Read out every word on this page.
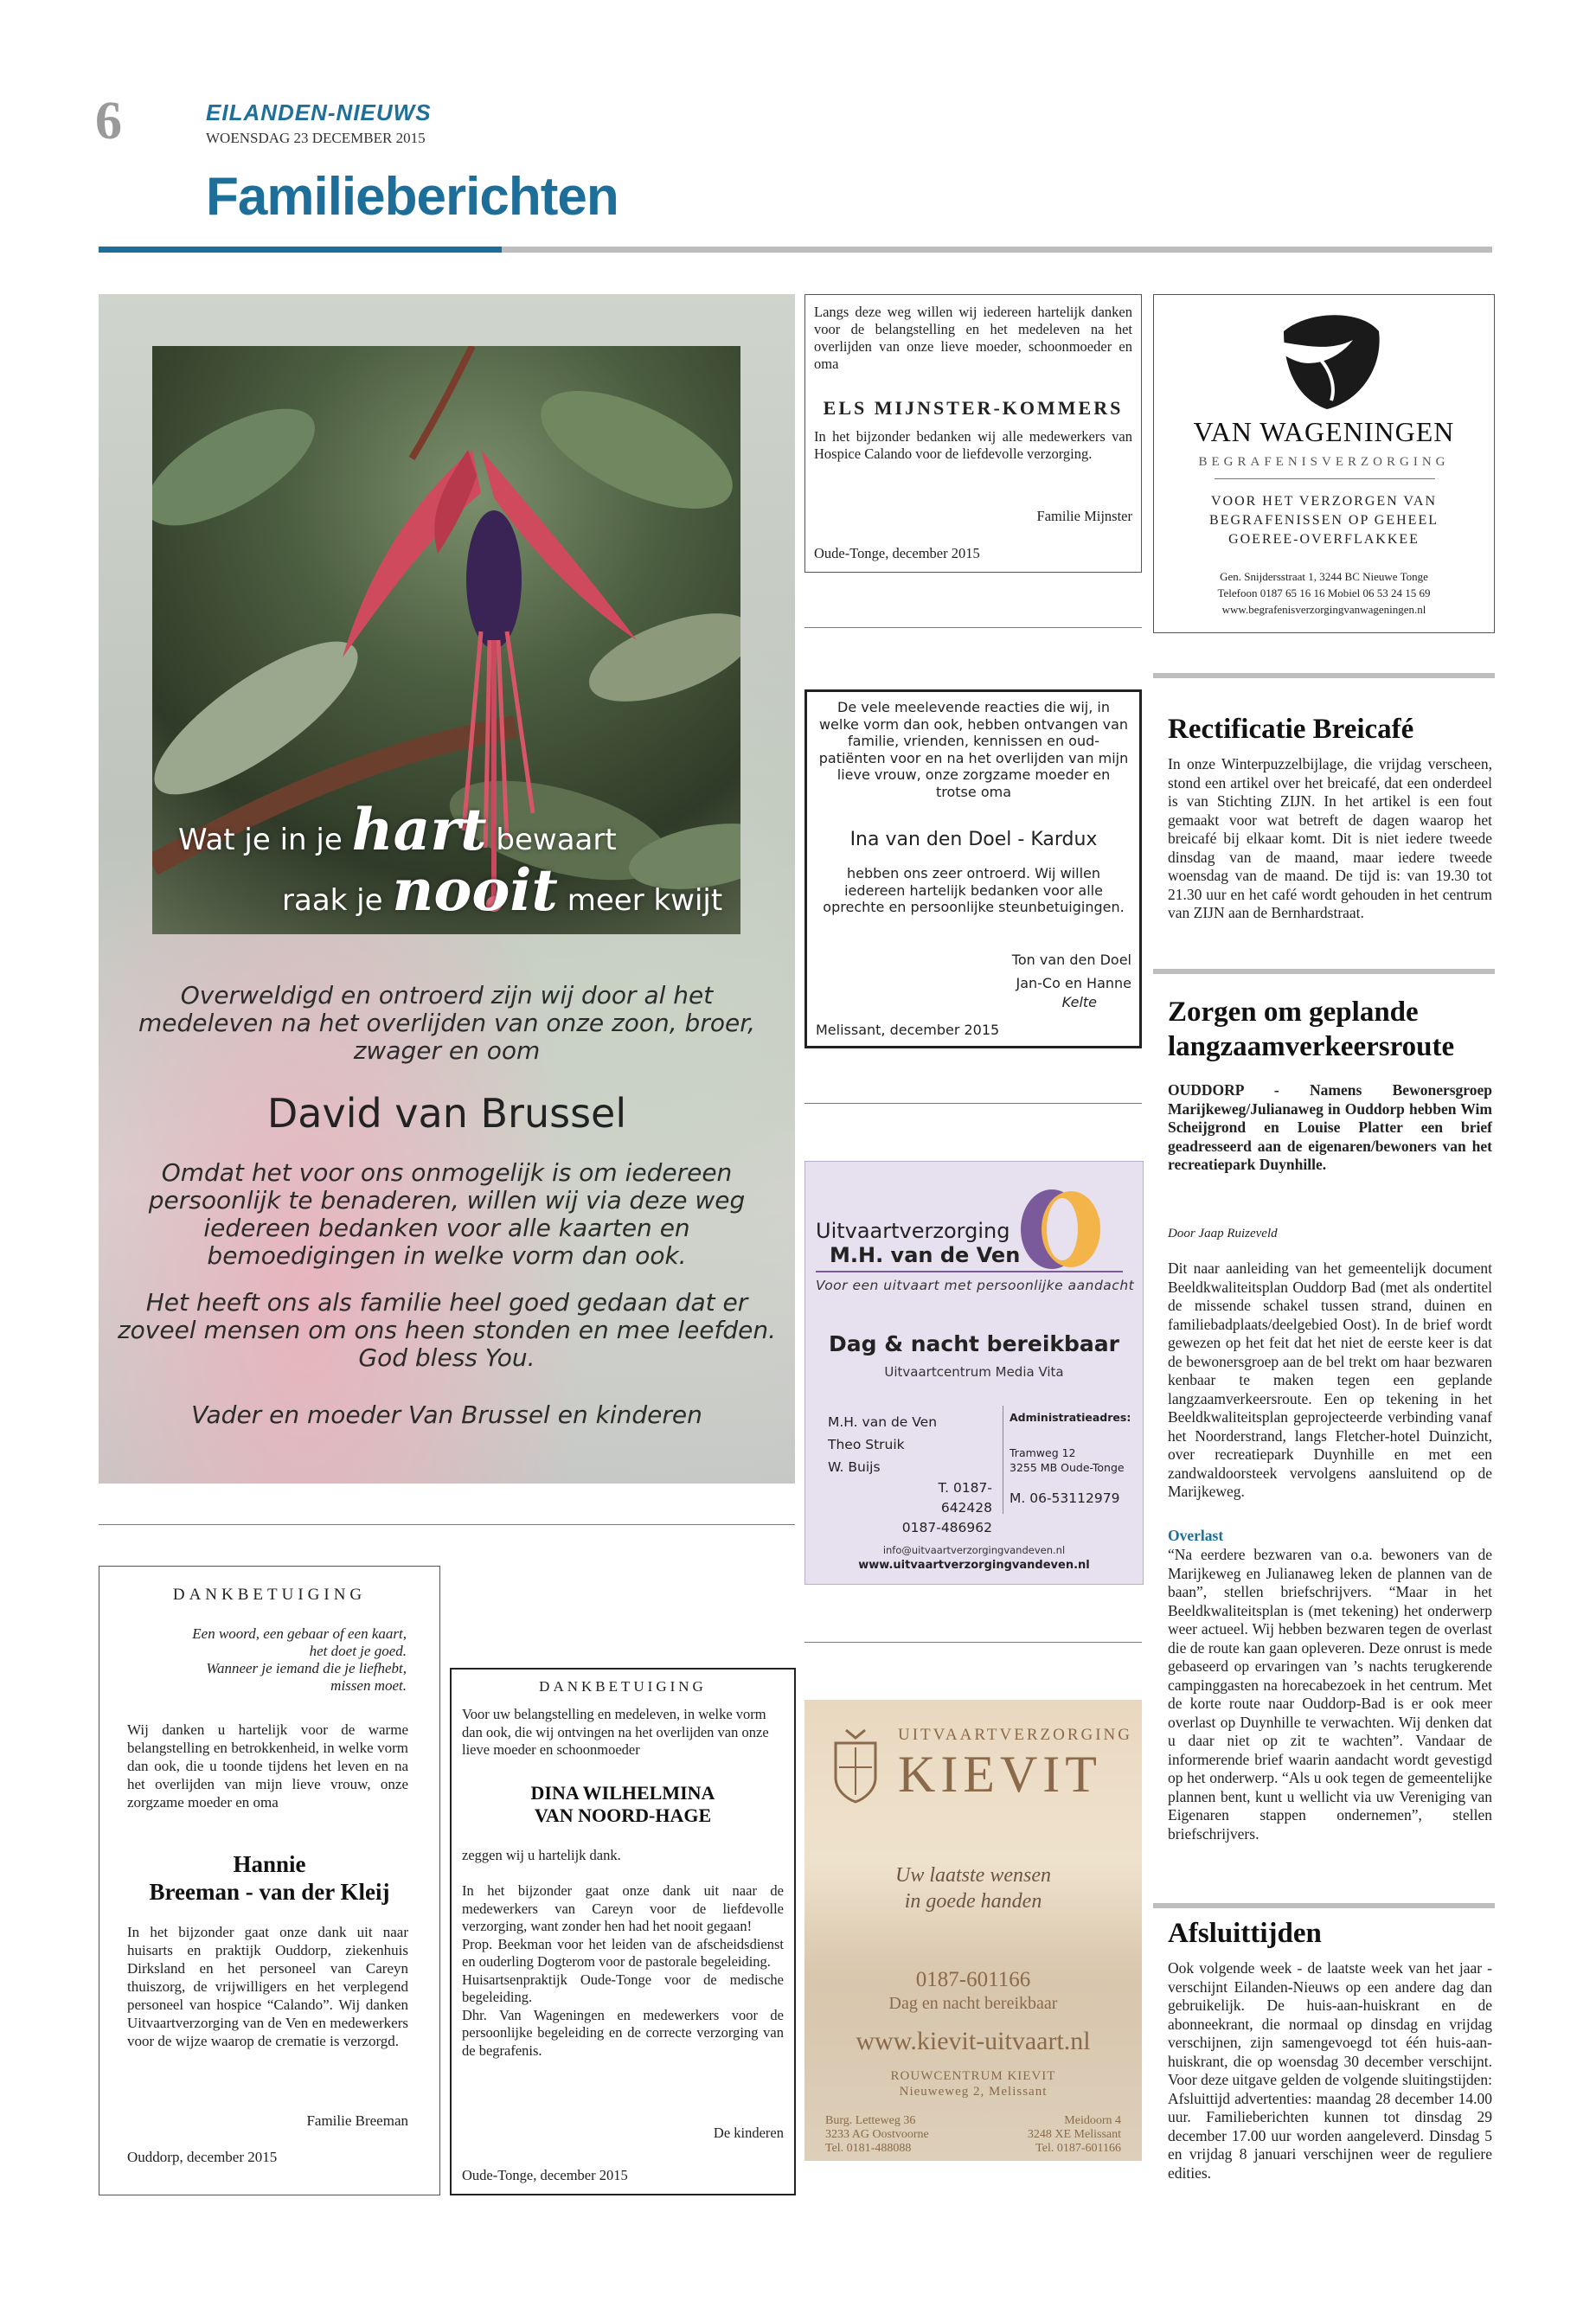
6	EILANDEN-NIEUWS
WOENSDAG 23 DECEMBER 2015
Familieberichten
Wat je in je hart bewaart
raak je nooit meer kwijt
Overweldigd en ontroerd zijn wij door al het medeleven na het overlijden van onze zoon, broer, zwager en oom
David van Brussel
Omdat het voor ons onmogelijk is om iedereen persoonlijk te benaderen, willen wij via deze weg iedereen bedanken voor alle kaarten en bemoedigingen in welke vorm dan ook.
Het heeft ons als familie heel goed gedaan dat er zoveel mensen om ons heen stonden en mee leefden. God bless You.
Vader en moeder Van Brussel en kinderen
Langs deze weg willen wij iedereen hartelijk danken voor de belangstelling en het medeleven na het overlijden van onze lieve moeder, schoonmoeder en oma
ELS MIJNSTER-KOMMERS
In het bijzonder bedanken wij alle medewerkers van Hospice Calando voor de liefdevolle verzorging.
Familie Mijnster
Oude-Tonge, december 2015
VAN WAGENINGEN
BEGRAFENISVERZORGING
VOOR HET VERZORGEN VAN
BEGRAFENISSEN OP GEHEEL
GOEREE-OVERFLAKKEE
Gen. Snijdersstraat 1, 3244 BC Nieuwe Tonge
Telefoon 0187 65 16 16 Mobiel 06 53 24 15 69
www.begrafenisverzorgingvanwageningen.nl
De vele meelevende reacties die wij, in welke vorm dan ook, hebben ontvangen van familie, vrienden, kennissen en oud-patiënten voor en na het overlijden van mijn lieve vrouw, onze zorgzame moeder en trotse oma
Ina van den Doel - Kardux
hebben ons zeer ontroerd. Wij willen iedereen hartelijk bedanken voor alle oprechte en persoonlijke steunbetuigingen.
Ton van den Doel
Jan-Co en Hanne
Kelte
Melissant, december 2015
Uitvaartverzorging
M.H. van de Ven
Voor een uitvaart met persoonlijke aandacht
Dag & nacht bereikbaar
Uitvaartcentrum Media Vita
M.H. van de Ven
Theo Struik
W. Buijs
T. 0187-642428
0187-486962
Administratieadres:
Tramweg 12
3255 MB Oude-Tonge
M. 06-53112979
info@uitvaartverzorgingvandeven.nl
www.uitvaartverzorgingvandeven.nl
UITVAARTVERZORGING
KIEVIT
Uw laatste wensen
in goede handen
0187-601166
Dag en nacht bereikbaar
www.kievit-uitvaart.nl
ROUWCENTRUM KIEVIT
Nieuweweg 2, Melissant
Burg. Letteweg 36
3233 AG Oostvoorne
Tel. 0181-488088
Meidoorn 4
3248 XE Melissant
Tel. 0187-601166
Rectificatie Breicafé
In onze Winterpuzzelbijlage, die vrijdag verscheen, stond een artikel over het breicafé, dat een onderdeel is van Stichting ZIJN. In het artikel is een fout gemaakt voor wat betreft de dagen waarop het breicafé bij elkaar komt. Dit is niet iedere tweede dinsdag van de maand, maar iedere tweede woensdag van de maand. De tijd is: van 19.30 tot 21.30 uur en het café wordt gehouden in het centrum van ZIJN aan de Bernhardstraat.
Zorgen om geplande langzaamverkeersroute
OUDDORP - Namens Bewonersgroep Marijkeweg/Julianaweg in Ouddorp hebben Wim Scheijgrond en Louise Platter een brief geadresseerd aan de eigenaren/bewoners van het recreatiepark Duynhille.
Door Jaap Ruizeveld
Dit naar aanleiding van het gemeentelijk document Beeldkwaliteitsplan Ouddorp Bad (met als ondertitel de missende schakel tussen strand, duinen en familiebadplaats/deelgebied Oost). In de brief wordt gewezen op het feit dat het niet de eerste keer is dat de bewonersgroep aan de bel trekt om haar bezwaren kenbaar te maken tegen een geplande langzaamverkeersroute. Een op tekening in het Beeldkwaliteitsplan geprojecteerde verbinding vanaf het Noorderstrand, langs Fletcher-hotel Duinzicht, over recreatiepark Duynhille en met een zandwaldoorsteek vervolgens aansluitend op de Marijkeweg.
Overlast
“Na eerdere bezwaren van o.a. bewoners van de Marijkeweg en Julianaweg leken de plannen van de baan”, stellen briefschrijvers. “Maar in het Beeldkwaliteitsplan is (met tekening) het onderwerp weer actueel. Wij hebben bezwaren tegen de overlast die de route kan gaan opleveren. Deze onrust is mede gebaseerd op ervaringen van ’s nachts terugkerende campinggasten na horecabezoek in het centrum. Met de korte route naar Ouddorp-Bad is er ook meer overlast op Duynhille te verwachten. Wij denken dat u daar niet op zit te wachten”. Vandaar de informerende brief waarin aandacht wordt gevestigd op het onderwerp. “Als u ook tegen de gemeentelijke plannen bent, kunt u wellicht via uw Vereniging van Eigenaren stappen ondernemen”, stellen briefschrijvers.
Afsluittijden
Ook volgende week - de laatste week van het jaar - verschijnt Eilanden-Nieuws op een andere dag dan gebruikelijk. De huis-aan-huiskrant en de abonneekrant, die normaal op dinsdag en vrijdag verschijnen, zijn samengevoegd tot één huis-aan-huiskrant, die op woensdag 30 december verschijnt. Voor deze uitgave gelden de volgende sluitingstijden: Afsluittijd advertenties: maandag 28 december 14.00 uur. Familieberichten kunnen tot dinsdag 29 december 17.00 uur worden aangeleverd. Dinsdag 5 en vrijdag 8 januari verschijnen weer de reguliere edities.
DANKBETUIGING
Een woord, een gebaar of een kaart,
het doet je goed.
Wanneer je iemand die je liefhebt,
missen moet.
Wij danken u hartelijk voor de warme belangstelling en betrokkenheid, in welke vorm dan ook, die u toonde tijdens het leven en na het overlijden van mijn lieve vrouw, onze zorgzame moeder en oma
Hannie
Breeman - van der Kleij
In het bijzonder gaat onze dank uit naar huisarts en praktijk Ouddorp, ziekenhuis Dirksland en het personeel van Careyn thuiszorg, de vrijwilligers en het verplegend personeel van hospice “Calando”. Wij danken Uitvaartverzorging van de Ven en medewerkers voor de wijze waarop de crematie is verzorgd.
Familie Breeman
Ouddorp, december 2015
DANKBETUIGING
Voor uw belangstelling en medeleven, in welke vorm dan ook, die wij ontvingen na het overlijden van onze lieve moeder en schoonmoeder
DINA WILHELMINA
VAN NOORD-HAGE
zeggen wij u hartelijk dank.
In het bijzonder gaat onze dank uit naar de medewerkers van Careyn voor de liefdevolle verzorging, want zonder hen had het nooit gegaan!
Prop. Beekman voor het leiden van de afscheidsdienst en ouderling Dogterom voor de pastorale begeleiding.
Huisartsenpraktijk Oude-Tonge voor de medische begeleiding.
Dhr. Van Wageningen en medewerkers voor de persoonlijke begeleiding en de correcte verzorging van de begrafenis.
De kinderen
Oude-Tonge, december 2015
